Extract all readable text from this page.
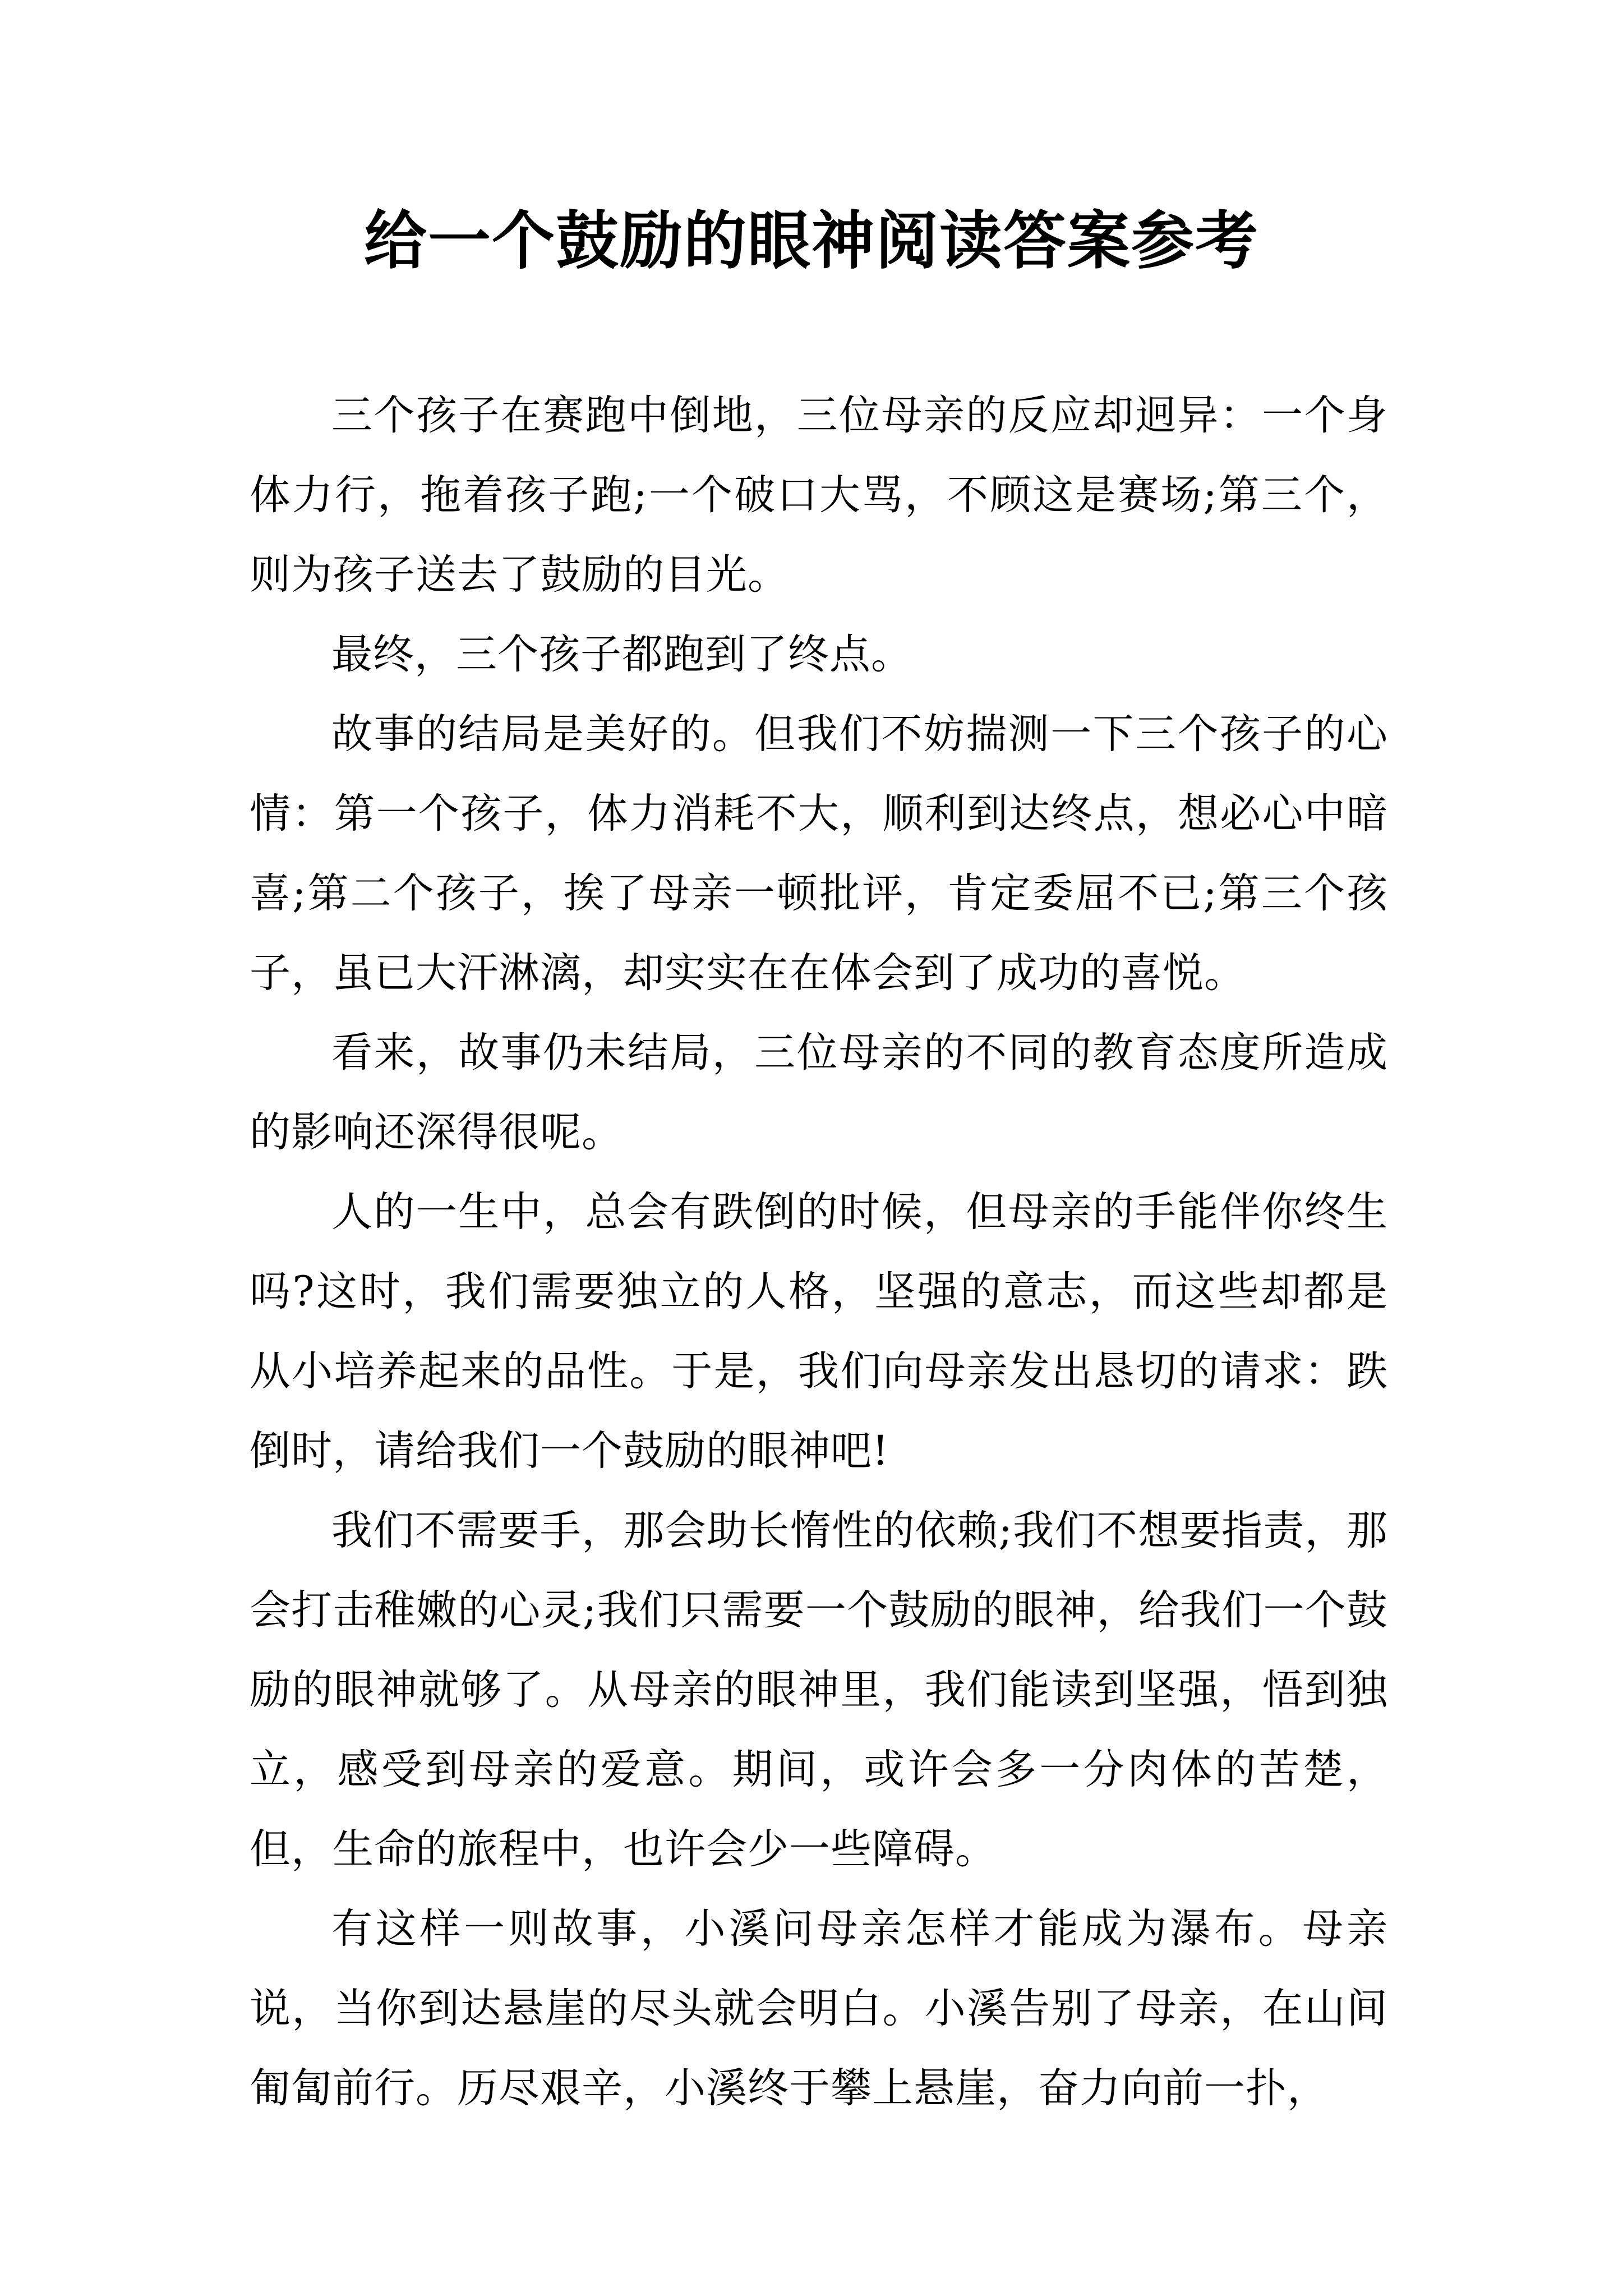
给一个鼓励的眼神阅读答案参考

三个孩子在赛跑中倒地，三位母亲的反应却迥异：一个身体力行，拖着孩子跑;一个破口大骂，不顾这是赛场;第三个，则为孩子送去了鼓励的目光。

最终，三个孩子都跑到了终点。

故事的结局是美好的。但我们不妨揣测一下三个孩子的心情：第一个孩子，体力消耗不大，顺利到达终点，想必心中暗喜;第二个孩子，挨了母亲一顿批评，肯定委屈不已;第三个孩子，虽已大汗淋漓，却实实在在体会到了成功的喜悦。

看来，故事仍未结局，三位母亲的不同的教育态度所造成的影响还深得很呢。

人的一生中，总会有跌倒的时候，但母亲的手能伴你终生吗?这时，我们需要独立的人格，坚强的意志，而这些却都是从小培养起来的品性。于是，我们向母亲发出恳切的请求：跌倒时，请给我们一个鼓励的眼神吧!

我们不需要手，那会助长惰性的依赖;我们不想要指责，那会打击稚嫩的心灵;我们只需要一个鼓励的眼神，给我们一个鼓励的眼神就够了。从母亲的眼神里，我们能读到坚强，悟到独立，感受到母亲的爱意。期间，或许会多一分肉体的苦楚，但，生命的旅程中，也许会少一些障碍。

有这样一则故事，小溪问母亲怎样才能成为瀑布。母亲说，当你到达悬崖的尽头就会明白。小溪告别了母亲，在山间匍匐前行。历尽艰辛，小溪终于攀上悬崖，奋力向前一扑，
